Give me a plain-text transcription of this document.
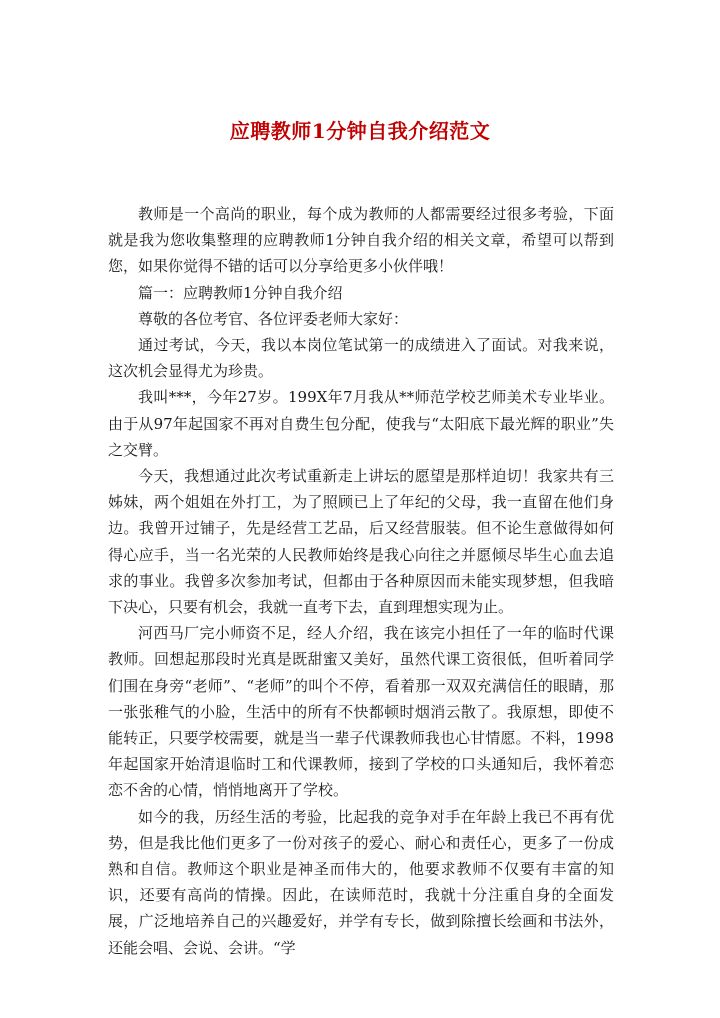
应聘教师1分钟自我介绍范文

教师是一个高尚的职业，每个成为教师的人都需要经过很多考验，下面就是我为您收集整理的应聘教师1分钟自我介绍的相关文章，希望可以帮到您，如果你觉得不错的话可以分享给更多小伙伴哦！

篇一：应聘教师1分钟自我介绍

尊敬的各位考官、各位评委老师大家好：

通过考试，今天，我以本岗位笔试第一的成绩进入了面试。对我来说，这次机会显得尤为珍贵。

我叫***，今年27岁。199X年7月我从**师范学校艺师美术专业毕业。由于从97年起国家不再对自费生包分配，使我与“太阳底下最光辉的职业”失之交臂。

今天，我想通过此次考试重新走上讲坛的愿望是那样迫切！我家共有三姊妹，两个姐姐在外打工，为了照顾已上了年纪的父母，我一直留在他们身边。我曾开过铺子，先是经营工艺品，后又经营服装。但不论生意做得如何得心应手，当一名光荣的人民教师始终是我心向往之并愿倾尽毕生心血去追求的事业。我曾多次参加考试，但都由于各种原因而未能实现梦想，但我暗下决心，只要有机会，我就一直考下去，直到理想实现为止。

河西马厂完小师资不足，经人介绍，我在该完小担任了一年的临时代课教师。回想起那段时光真是既甜蜜又美好，虽然代课工资很低，但听着同学们围在身旁“老师”、“老师”的叫个不停，看着那一双双充满信任的眼睛，那一张张稚气的小脸，生活中的所有不快都顿时烟消云散了。我原想，即使不能转正，只要学校需要，就是当一辈子代课教师我也心甘情愿。不料，1998年起国家开始清退临时工和代课教师，接到了学校的口头通知后，我怀着恋恋不舍的心情，悄悄地离开了学校。

如今的我，历经生活的考验，比起我的竞争对手在年龄上我已不再有优势，但是我比他们更多了一份对孩子的爱心、耐心和责任心，更多了一份成熟和自信。教师这个职业是神圣而伟大的，他要求教师不仅要有丰富的知识，还要有高尚的情操。因此，在读师范时，我就十分注重自身的全面发展，广泛地培养自己的兴趣爱好，并学有专长，做到除擅长绘画和书法外，还能会唱、会说、会讲。“学
